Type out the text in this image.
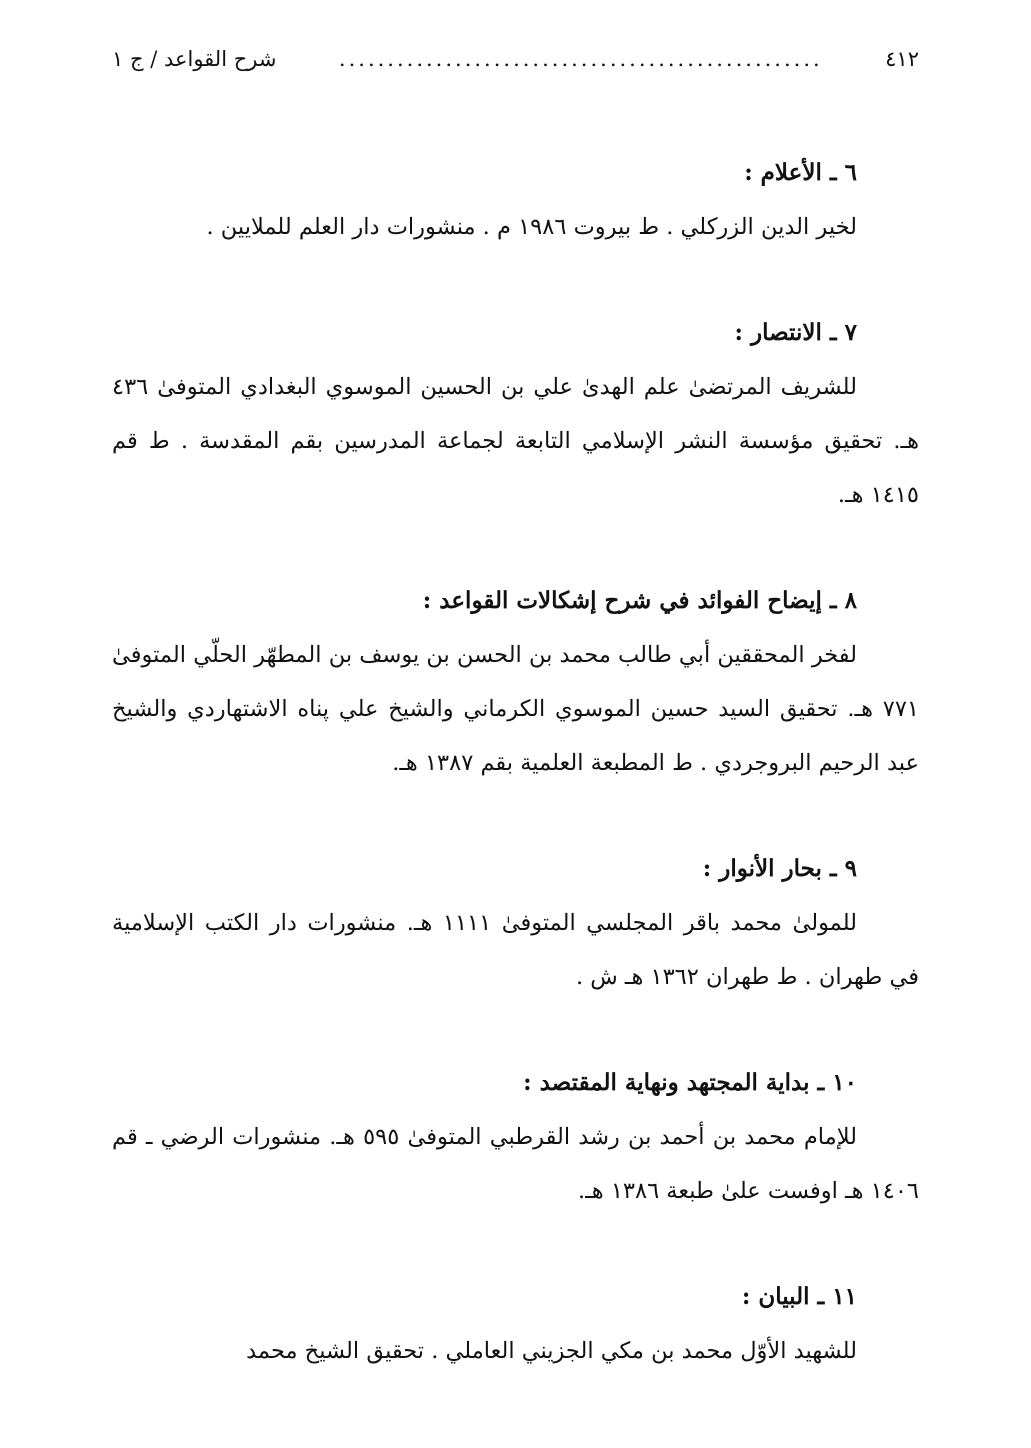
٤١٢
..................................................
شرح القواعد / ج ١
٦ ـ الأعلام :

لخير الدين الزركلي . ط بيروت ١٩٨٦ م . منشورات دار العلم للملايين .

٧ ـ الانتصار :

للشريف المرتضىٰ علم الهدىٰ علي بن الحسين الموسوي البغدادي المتوفىٰ ٤٣٦ هـ. تحقيق مؤسسة النشر الإسلامي التابعة لجماعة المدرسين بقم المقدسة . ط قم ١٤١٥ هـ.

٨ ـ إيضاح الفوائد في شرح إشكالات القواعد :

لفخر المحققين أبي طالب محمد بن الحسن بن يوسف بن المطهّر الحلّي المتوفىٰ ٧٧١ هـ. تحقيق السيد حسين الموسوي الكرماني والشيخ علي پناه الاشتهاردي والشيخ عبد الرحيم البروجردي . ط المطبعة العلمية بقم ١٣٨٧ هـ.

٩ ـ بحار الأنوار :

للمولىٰ محمد باقر المجلسي المتوفىٰ ١١١١ هـ. منشورات دار الكتب الإسلامية في طهران . ط طهران ١٣٦٢ هـ ش .

١٠ ـ بداية المجتهد ونهاية المقتصد :

للإمام محمد بن أحمد بن رشد القرطبي المتوفىٰ ٥٩٥ هـ. منشورات الرضي ـ قم ١٤٠٦ هـ اوفست علىٰ طبعة ١٣٨٦ هـ.

١١ ـ البيان :

للشهيد الأوّل محمد بن مكي الجزيني العاملي . تحقيق الشيخ محمد
